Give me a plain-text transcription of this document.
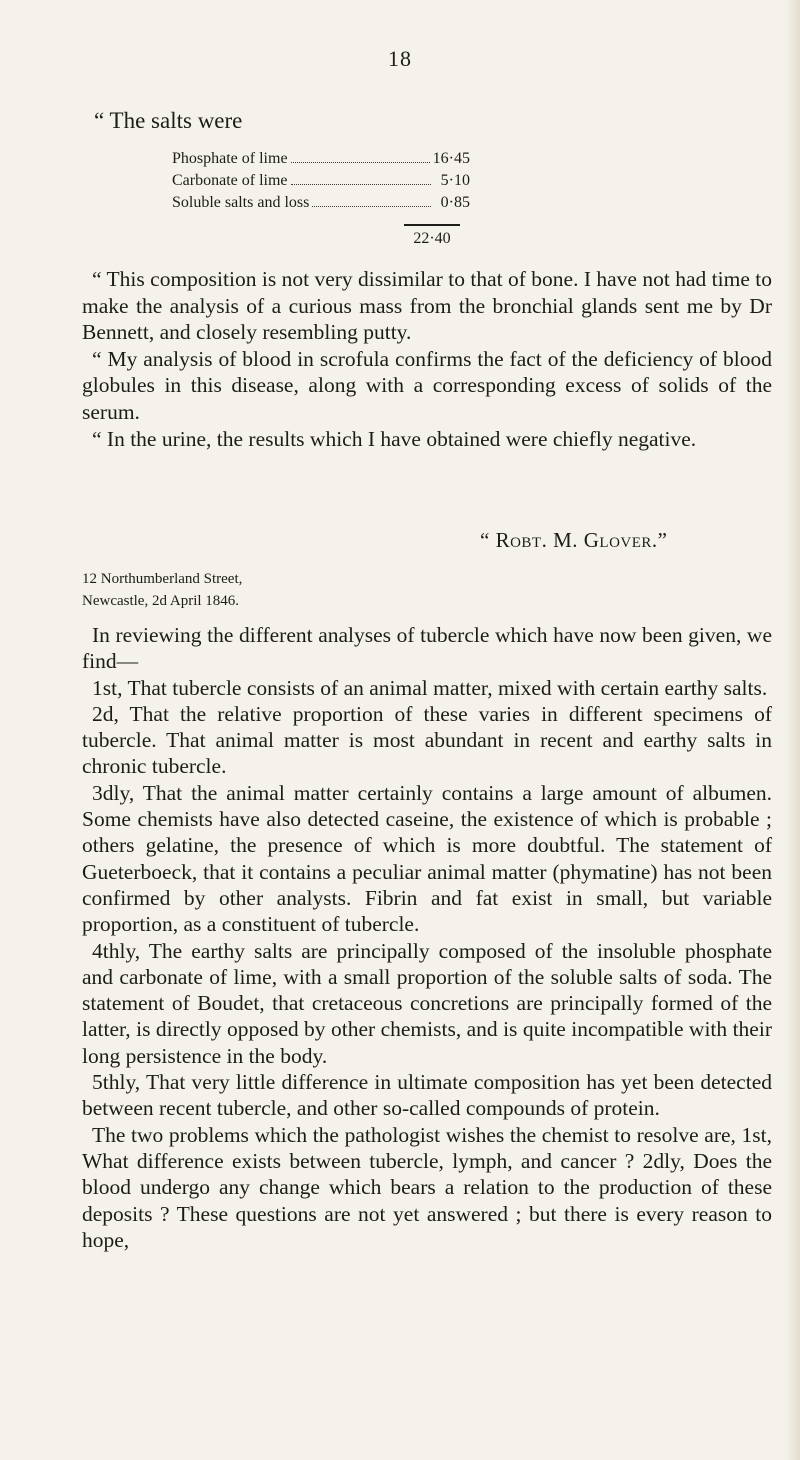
18
“ The salts were
Phosphate of lime	16·45
Carbonate of lime	5·10
Soluble salts and loss	0·85
22·40

“ This composition is not very dissimilar to that of bone. I have not had time to make the analysis of a curious mass from the bronchial glands sent me by Dr Bennett, and closely resembling putty.

“ My analysis of blood in scrofula confirms the fact of the deficiency of blood globules in this disease, along with a corresponding excess of solids of the serum.

“ In the urine, the results which I have obtained were chiefly negative.

“ Robt. M. Glover.”
12 Northumberland Street,
Newcastle, 2d April 1846.

In reviewing the different analyses of tubercle which have now been given, we find—

1st, That tubercle consists of an animal matter, mixed with certain earthy salts.

2d, That the relative proportion of these varies in different specimens of tubercle. That animal matter is most abundant in recent and earthy salts in chronic tubercle.

3dly, That the animal matter certainly contains a large amount of albumen. Some chemists have also detected caseine, the existence of which is probable ; others gelatine, the presence of which is more doubtful. The statement of Gueterboeck, that it contains a peculiar animal matter (phymatine) has not been confirmed by other analysts. Fibrin and fat exist in small, but variable proportion, as a constituent of tubercle.

4thly, The earthy salts are principally composed of the insoluble phosphate and carbonate of lime, with a small proportion of the soluble salts of soda. The statement of Boudet, that cretaceous concretions are principally formed of the latter, is directly opposed by other chemists, and is quite incompatible with their long persistence in the body.

5thly, That very little difference in ultimate composition has yet been detected between recent tubercle, and other so-called compounds of protein.

The two problems which the pathologist wishes the chemist to resolve are, 1st, What difference exists between tubercle, lymph, and cancer ? 2dly, Does the blood undergo any change which bears a relation to the production of these deposits ? These questions are not yet answered ; but there is every reason to hope,
